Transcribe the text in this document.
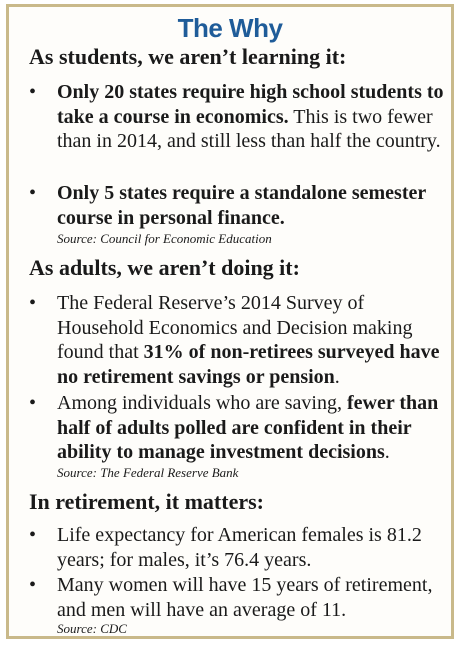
The Why
As students, we aren’t learning it:
• Only 20 states require high school students to take a course in economics. This is two fewer than in 2014, and still less than half the country.
• Only 5 states require a standalone semester course in personal finance.
Source: Council for Economic Education
As adults, we aren’t doing it:
• The Federal Reserve’s 2014 Survey of Household Economics and Decision making found that 31% of non-retirees surveyed have no retirement savings or pension.
• Among individuals who are saving, fewer than half of adults polled are confident in their ability to manage investment decisions.
Source: The Federal Reserve Bank
In retirement, it matters:
• Life expectancy for American females is 81.2 years; for males, it’s 76.4 years.
• Many women will have 15 years of retirement, and men will have an average of 11.
Source: CDC
